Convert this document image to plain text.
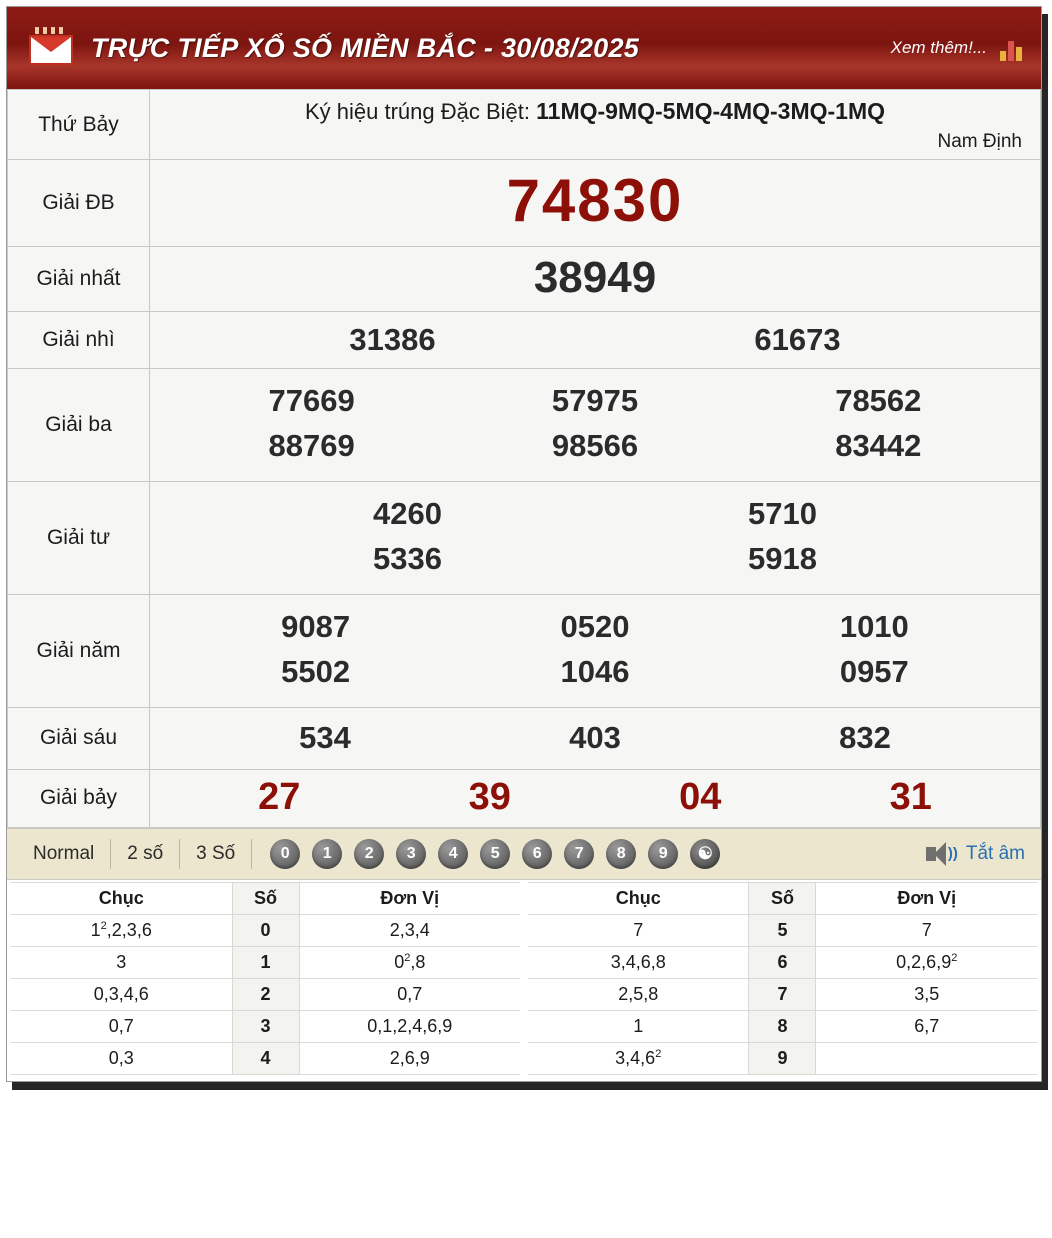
TRỰC TIẾP XỔ SỐ MIỀN BẮC - 30/08/2025	Xem thêm!...
Thứ Bảy	Ký hiệu trúng Đặc Biệt: 11MQ-9MQ-5MQ-4MQ-3MQ-1MQ
Nam Định

Giải ĐB	74830

Giải nhất	38949

Giải nhì	31386 61673

Giải ba	
77669	57975	78562
88769	98566	83442

Giải tư	4260 5710
5336 5918

Giải năm	
9087	0520	1010
5502	1046	0957

Giải sáu	534 403 832

Giải bảy	27 39 04 31
Normal	2 số	3 Số	0	1	2	3	4	5	6	7	8	9	☯	)) Tắt âm
Chục	Số	Đơn Vị
$1^2,2,3,6$	0	2,3,4
3	1	$0^2,8$
0,3,4,6	2	0,7
0,7	3	0,1,2,4,6,9
0,3	4	2,6,9
Chục	Số	Đơn Vị
7	5	7
3,4,6,8	6	0,2,6,9$^2$
2,5,8	7	3,5
1	8	6,7
3,4,6$^2$	9	
